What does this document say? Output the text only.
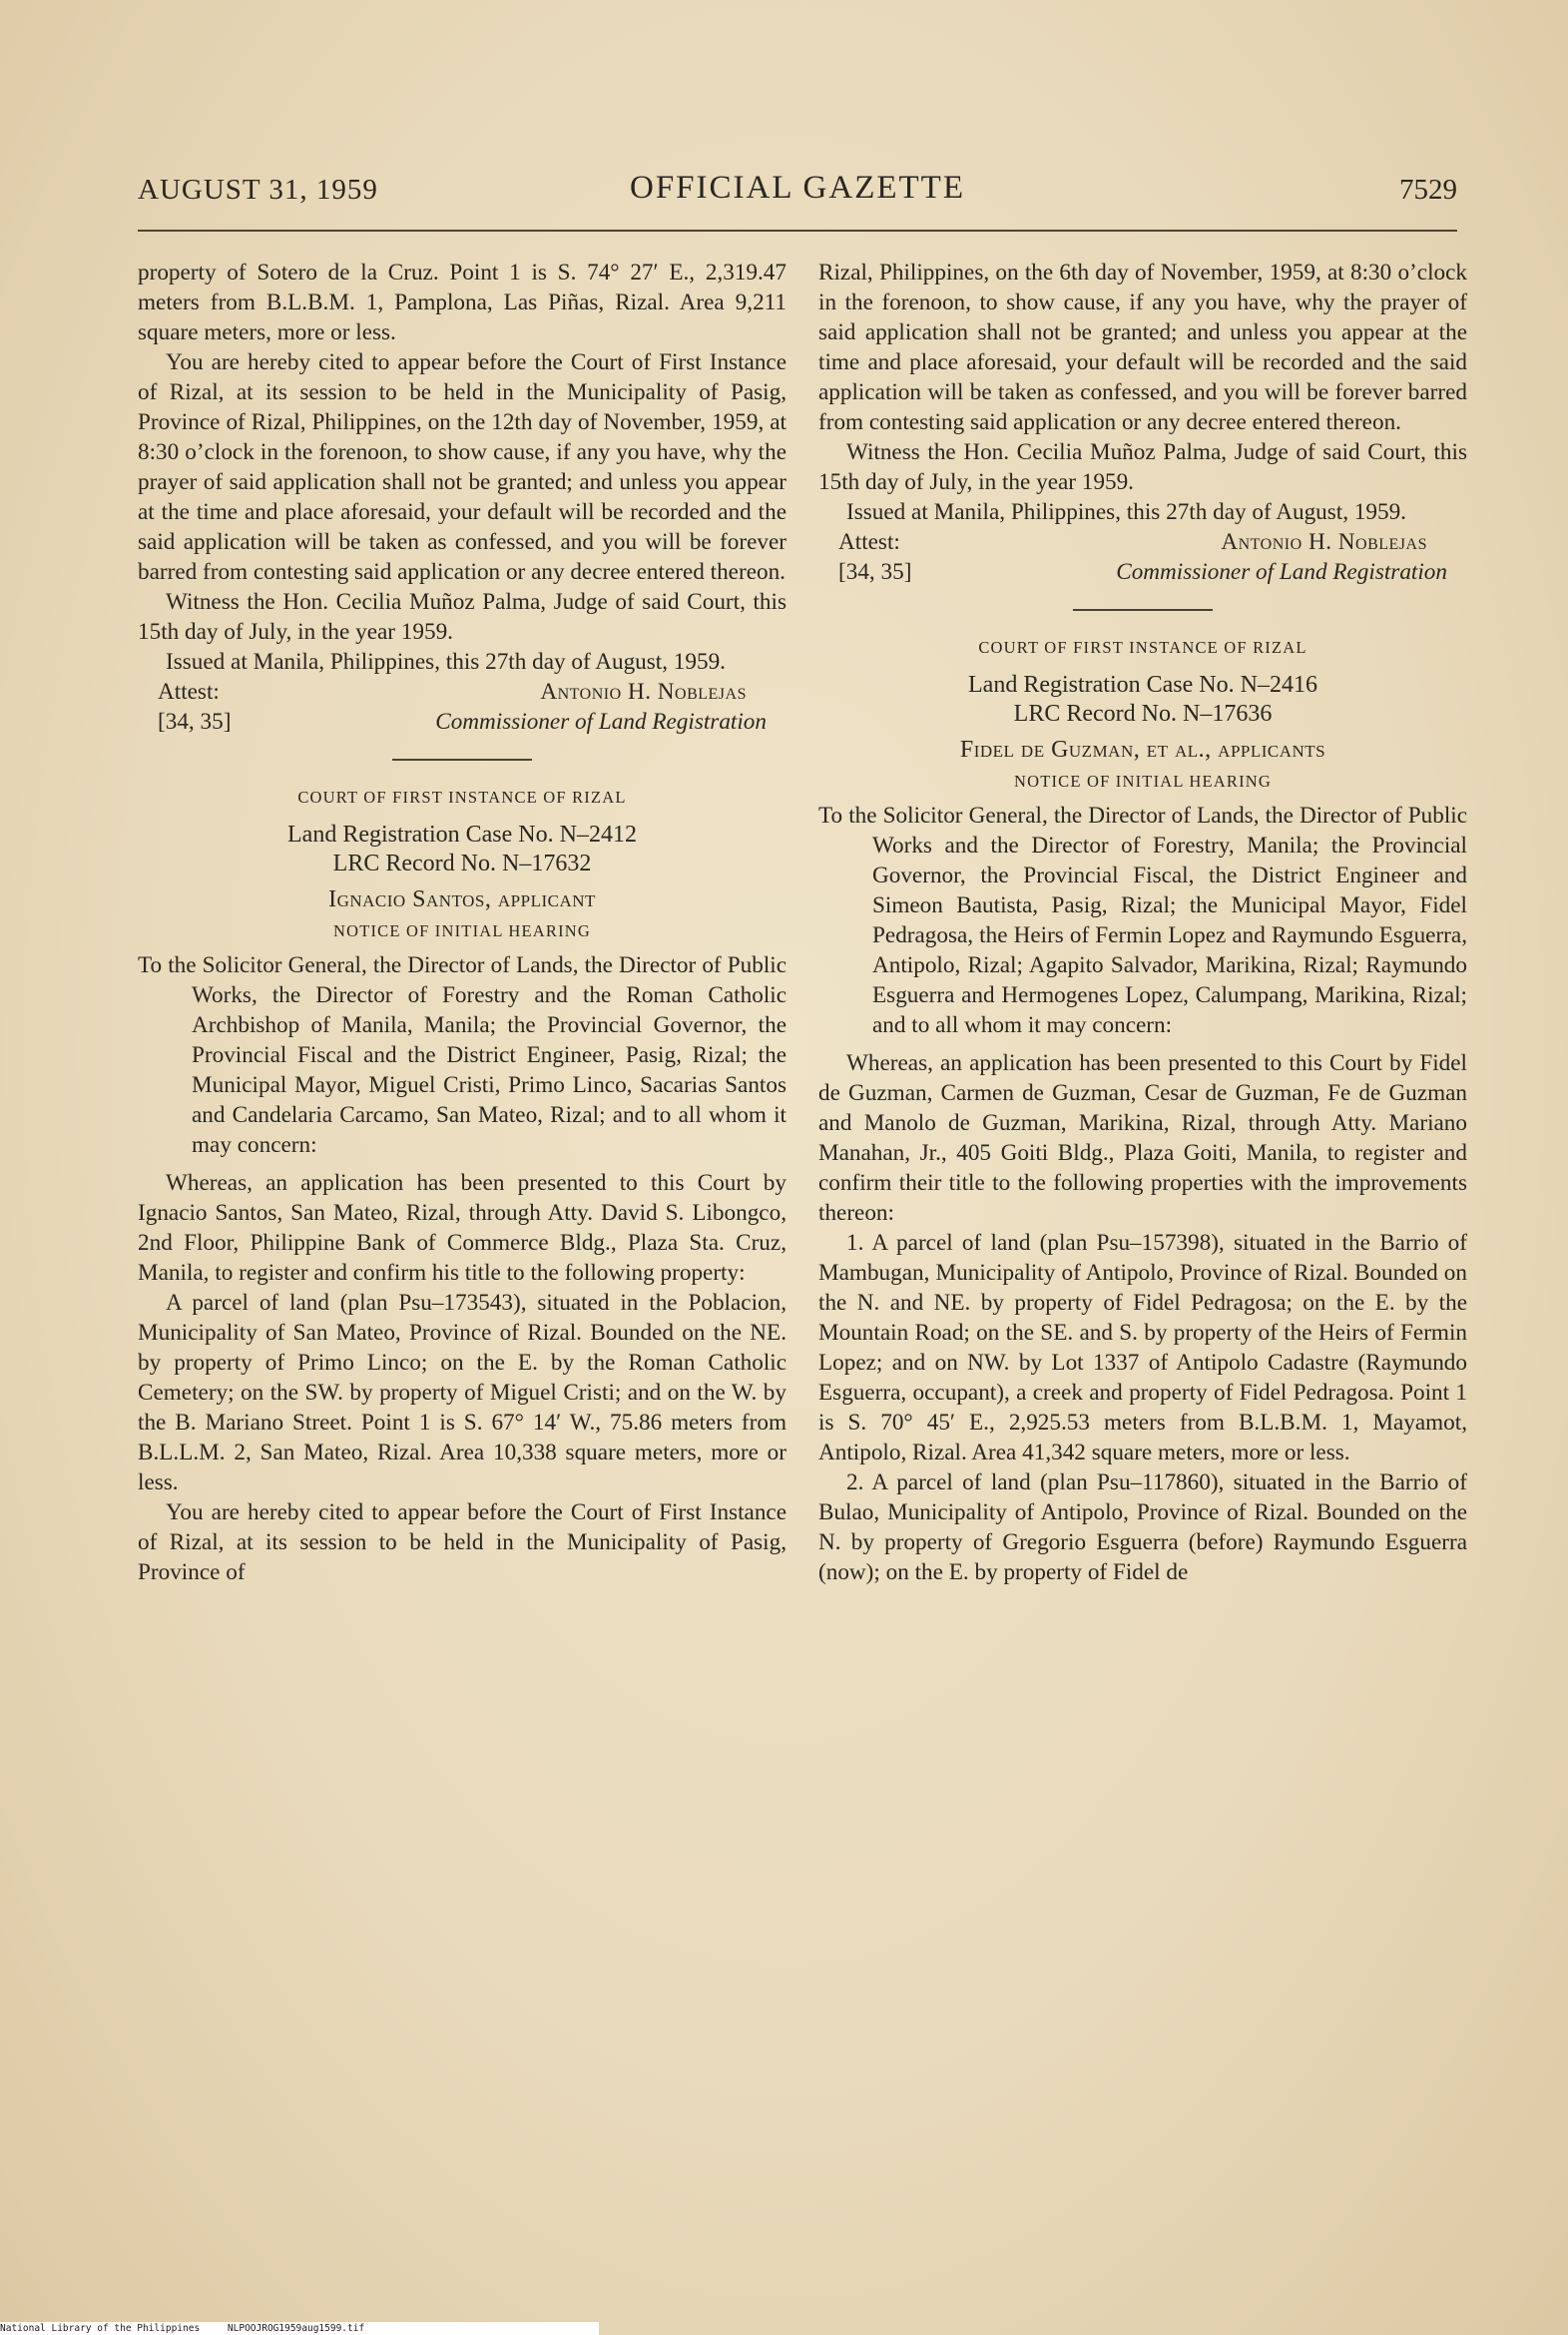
AUGUST 31, 1959	OFFICIAL GAZETTE	7529

property of Sotero de la Cruz. Point 1 is S. 74° 27′ E., 2,319.47 meters from B.L.B.M. 1, Pamplona, Las Piñas, Rizal. Area 9,211 square meters, more or less.

You are hereby cited to appear before the Court of First Instance of Rizal, at its session to be held in the Municipality of Pasig, Province of Rizal, Philippines, on the 12th day of November, 1959, at 8:30 o’clock in the forenoon, to show cause, if any you have, why the prayer of said application shall not be granted; and unless you appear at the time and place aforesaid, your default will be recorded and the said application will be taken as confessed, and you will be forever barred from contesting said application or any decree entered thereon.

Witness the Hon. Cecilia Muñoz Palma, Judge of said Court, this 15th day of July, in the year 1959.

Issued at Manila, Philippines, this 27th day of August, 1959.

Attest:	Antonio H. Noblejas
[34, 35]	Commissioner of Land Registration

COURT OF FIRST INSTANCE OF RIZAL

Land Registration Case No. N–2412

LRC Record No. N–17632

Ignacio Santos, applicant

NOTICE OF INITIAL HEARING

To the Solicitor General, the Director of Lands, the Director of Public Works, the Director of Forestry and the Roman Catholic Archbishop of Manila, Manila; the Provincial Governor, the Provincial Fiscal and the District Engineer, Pasig, Rizal; the Municipal Mayor, Miguel Cristi, Primo Linco, Sacarias Santos and Candelaria Carcamo, San Mateo, Rizal; and to all whom it may concern:

Whereas, an application has been presented to this Court by Ignacio Santos, San Mateo, Rizal, through Atty. David S. Libongco, 2nd Floor, Philippine Bank of Commerce Bldg., Plaza Sta. Cruz, Manila, to register and confirm his title to the following property:

A parcel of land (plan Psu–173543), situated in the Poblacion, Municipality of San Mateo, Province of Rizal. Bounded on the NE. by property of Primo Linco; on the E. by the Roman Catholic Cemetery; on the SW. by property of Miguel Cristi; and on the W. by the B. Mariano Street. Point 1 is S. 67° 14′ W., 75.86 meters from B.L.L.M. 2, San Mateo, Rizal. Area 10,338 square meters, more or less.

You are hereby cited to appear before the Court of First Instance of Rizal, at its session to be held in the Municipality of Pasig, Province of

Rizal, Philippines, on the 6th day of November, 1959, at 8:30 o’clock in the forenoon, to show cause, if any you have, why the prayer of said application shall not be granted; and unless you appear at the time and place aforesaid, your default will be recorded and the said application will be taken as confessed, and you will be forever barred from contesting said application or any decree entered thereon.

Witness the Hon. Cecilia Muñoz Palma, Judge of said Court, this 15th day of July, in the year 1959.

Issued at Manila, Philippines, this 27th day of August, 1959.

Attest:	Antonio H. Noblejas
[34, 35]	Commissioner of Land Registration

COURT OF FIRST INSTANCE OF RIZAL

Land Registration Case No. N–2416

LRC Record No. N–17636

Fidel de Guzman, et al., applicants

NOTICE OF INITIAL HEARING

To the Solicitor General, the Director of Lands, the Director of Public Works and the Director of Forestry, Manila; the Provincial Governor, the Provincial Fiscal, the District Engineer and Simeon Bautista, Pasig, Rizal; the Municipal Mayor, Fidel Pedragosa, the Heirs of Fermin Lopez and Raymundo Esguerra, Antipolo, Rizal; Agapito Salvador, Marikina, Rizal; Raymundo Esguerra and Hermogenes Lopez, Calumpang, Marikina, Rizal; and to all whom it may concern:

Whereas, an application has been presented to this Court by Fidel de Guzman, Carmen de Guzman, Cesar de Guzman, Fe de Guzman and Manolo de Guzman, Marikina, Rizal, through Atty. Mariano Manahan, Jr., 405 Goiti Bldg., Plaza Goiti, Manila, to register and confirm their title to the following properties with the improvements thereon:

1. A parcel of land (plan Psu–157398), situated in the Barrio of Mambugan, Municipality of Antipolo, Province of Rizal. Bounded on the N. and NE. by property of Fidel Pedragosa; on the E. by the Mountain Road; on the SE. and S. by property of the Heirs of Fermin Lopez; and on NW. by Lot 1337 of Antipolo Cadastre (Raymundo Esguerra, occupant), a creek and property of Fidel Pedragosa. Point 1 is S. 70° 45′ E., 2,925.53 meters from B.L.B.M. 1, Mayamot, Antipolo, Rizal. Area 41,342 square meters, more or less.

2. A parcel of land (plan Psu–117860), situated in the Barrio of Bulao, Municipality of Antipolo, Province of Rizal. Bounded on the N. by property of Gregorio Esguerra (before) Raymundo Esguerra (now); on the E. by property of Fidel de

National Library of the Philippines	NLPOOJROG1959aug1599.tif
